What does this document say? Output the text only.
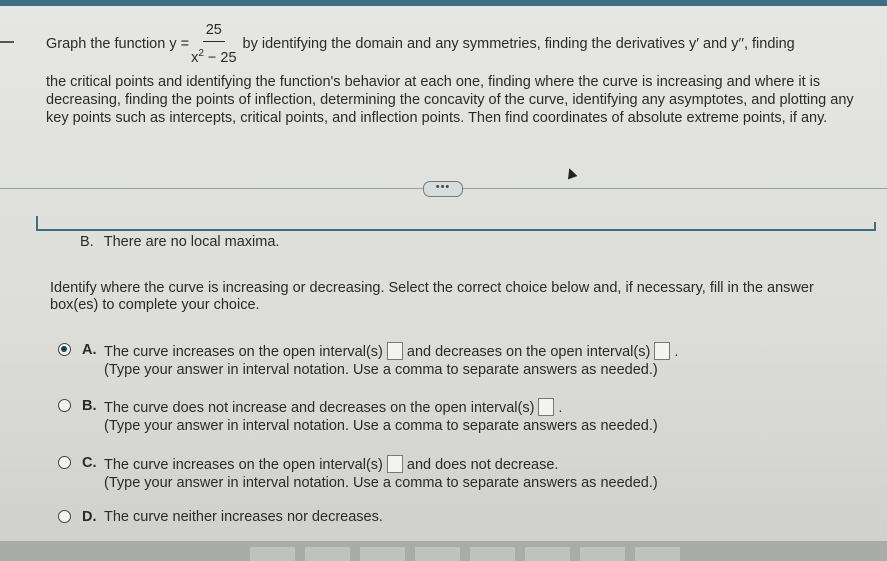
Graph the function $y = \frac{25}{x^2 - 25}$ by identifying the domain and any symmetries, finding the derivatives y′ and y′′, finding
the critical points and identifying the function's behavior at each one, finding where the curve is increasing and where it is decreasing, finding the points of inflection, determining the concavity of the curve, identifying any asymptotes, and plotting any key points such as intercepts, critical points, and inflection points. Then find coordinates of absolute extreme points, if any.
•••
B. There are no local maxima.
Identify where the curve is increasing or decreasing. Select the correct choice below and, if necessary, fill in the answer box(es) to complete your choice.
A. The curve increases on the open interval(s) and decreases on the open interval(s) .
(Type your answer in interval notation. Use a comma to separate answers as needed.)
B. The curve does not increase and decreases on the open interval(s) .
(Type your answer in interval notation. Use a comma to separate answers as needed.)
C. The curve increases on the open interval(s) and does not decrease.
(Type your answer in interval notation. Use a comma to separate answers as needed.)
D. The curve neither increases nor decreases.
